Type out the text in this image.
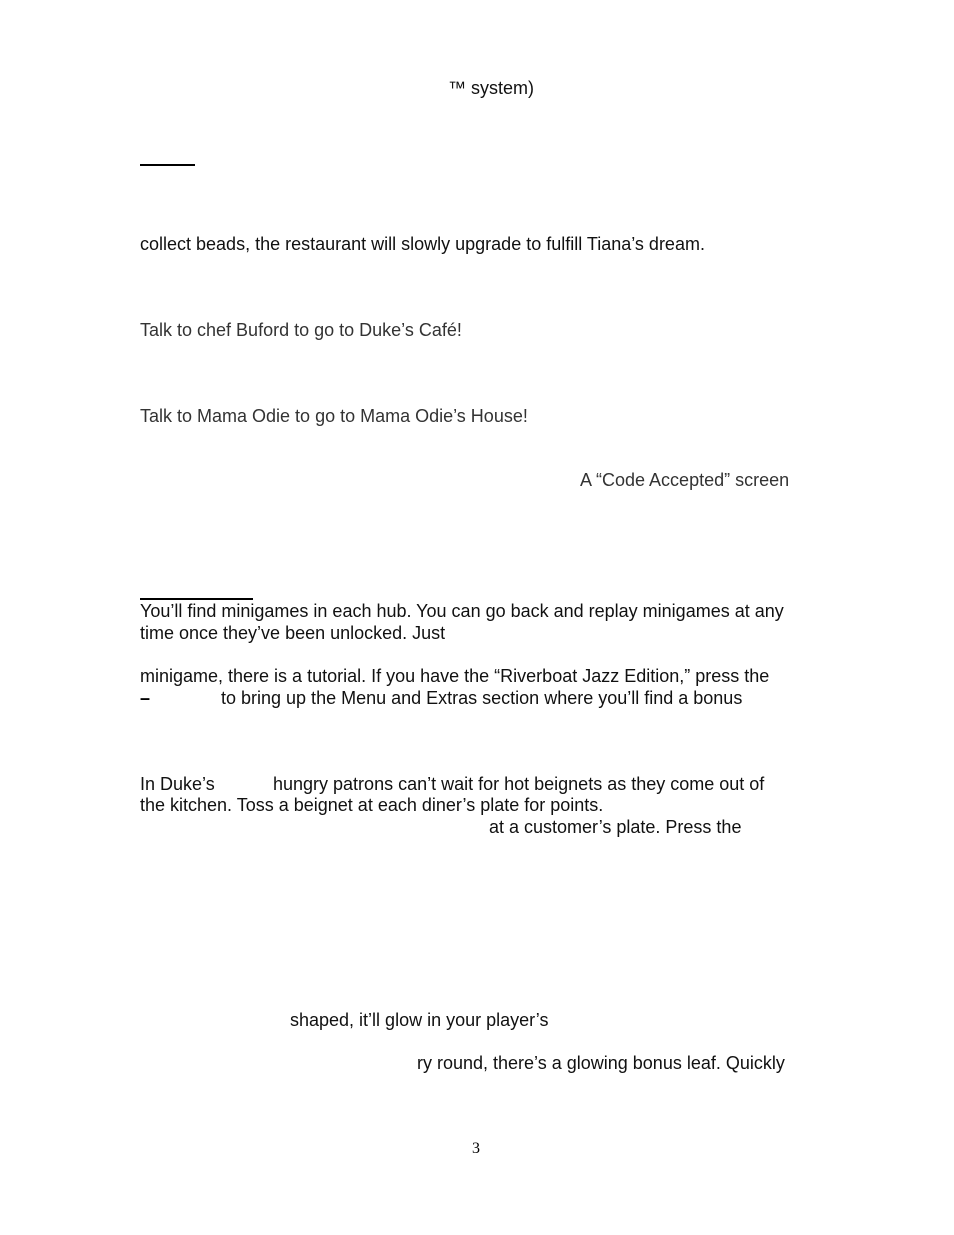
™ system)
collect beads, the restaurant will slowly upgrade to fulfill Tiana’s dream.
Talk to chef Buford to go to Duke’s Café!
Talk to Mama Odie to go to Mama Odie’s House!
A “Code Accepted” screen
You’ll find minigames in each hub. You can go back and replay minigames at any
time once they’ve been unlocked. Just
minigame, there is a tutorial. If you have the “Riverboat Jazz Edition,” press the
–	to bring up the Menu and Extras section where you’ll find a bonus
In Duke’s	hungry patrons can’t wait for hot beignets as they come out of
the kitchen. Toss a beignet at each diner’s plate for points.
at a customer’s plate. Press the
shaped, it’ll glow in your player’s
ry round, there’s a glowing bonus leaf. Quickly
3
